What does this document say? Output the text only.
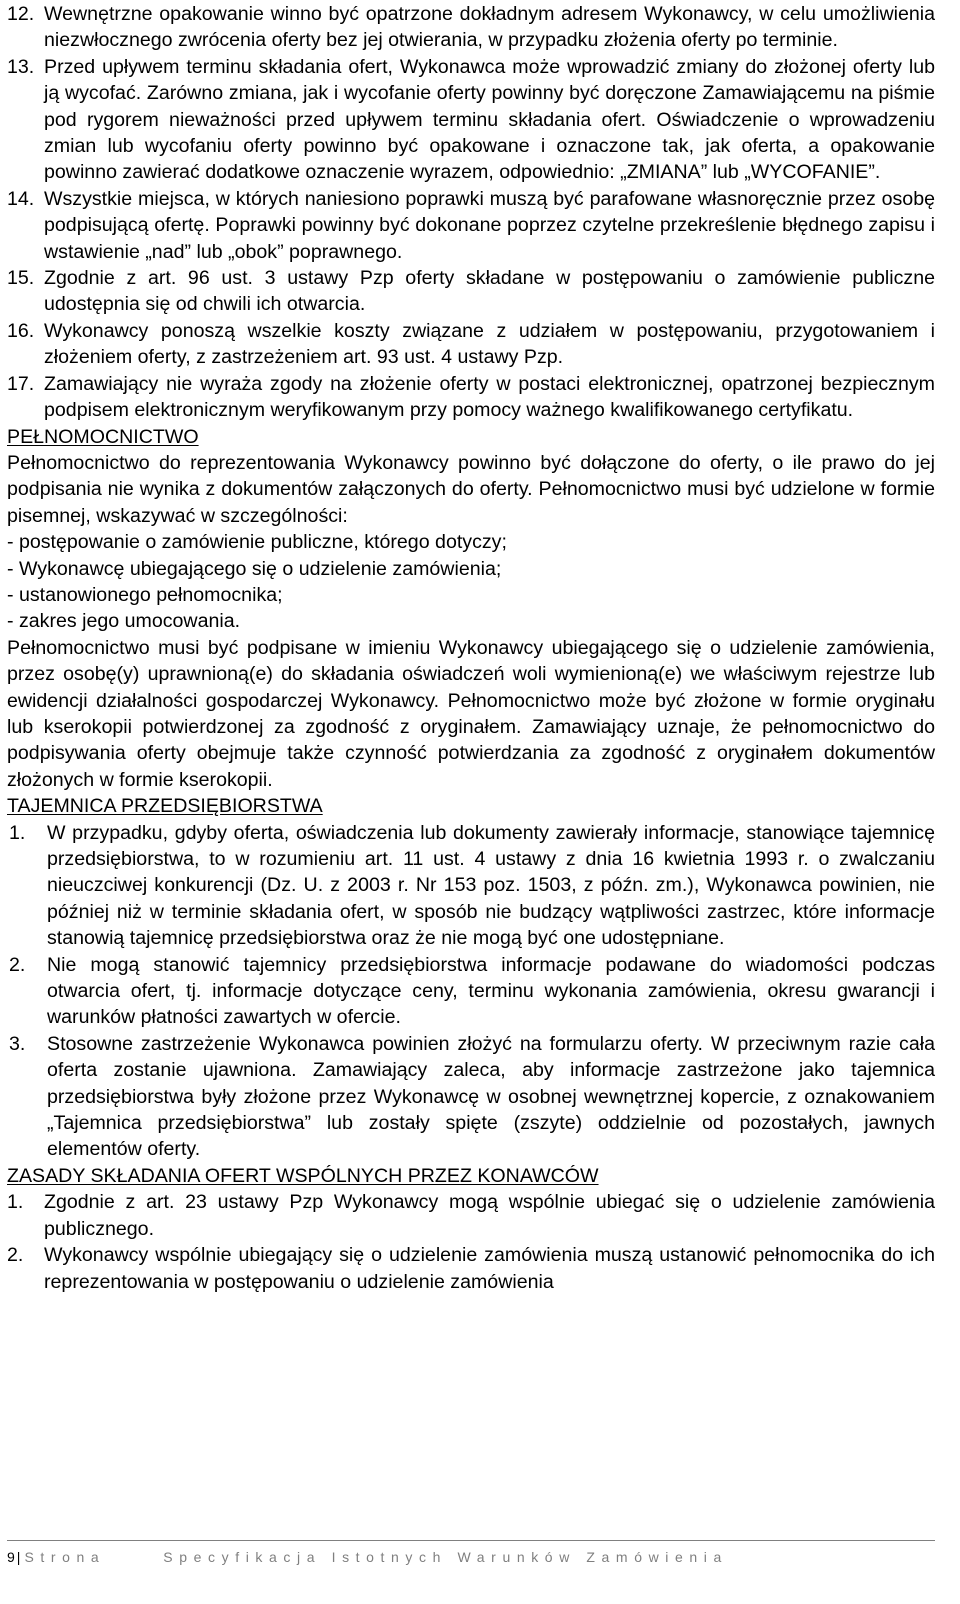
12. Wewnętrzne opakowanie winno być opatrzone dokładnym adresem Wykonawcy, w celu umożliwienia niezwłocznego zwrócenia oferty bez jej otwierania, w przypadku złożenia oferty po terminie.
13. Przed upływem terminu składania ofert, Wykonawca może wprowadzić zmiany do złożonej oferty lub ją wycofać. Zarówno zmiana, jak i wycofanie oferty powinny być doręczone Zamawiającemu na piśmie pod rygorem nieważności przed upływem terminu składania ofert. Oświadczenie o wprowadzeniu zmian lub wycofaniu oferty powinno być opakowane i oznaczone tak, jak oferta, a opakowanie powinno zawierać dodatkowe oznaczenie wyrazem, odpowiednio: „ZMIANA” lub „WYCOFANIE”.
14. Wszystkie miejsca, w których naniesiono poprawki muszą być parafowane własnoręcznie przez osobę podpisującą ofertę. Poprawki powinny być dokonane poprzez czytelne przekreślenie błędnego zapisu i wstawienie „nad” lub „obok” poprawnego.
15. Zgodnie z art. 96 ust. 3 ustawy Pzp oferty składane w postępowaniu o zamówienie publiczne udostępnia się od chwili ich otwarcia.
16. Wykonawcy ponoszą wszelkie koszty związane z udziałem w postępowaniu, przygotowaniem i złożeniem oferty, z zastrzeżeniem art. 93 ust. 4 ustawy Pzp.
17. Zamawiający nie wyraża zgody na złożenie oferty w postaci elektronicznej, opatrzonej bezpiecznym podpisem elektronicznym weryfikowanym przy pomocy ważnego kwalifikowanego certyfikatu.
PEŁNOMOCNICTWO
Pełnomocnictwo do reprezentowania Wykonawcy powinno być dołączone do oferty, o ile prawo do jej podpisania nie wynika z dokumentów załączonych do oferty. Pełnomocnictwo musi być udzielone w formie pisemnej, wskazywać w szczególności:
- postępowanie o zamówienie publiczne, którego dotyczy;
- Wykonawcę ubiegającego się o udzielenie zamówienia;
- ustanowionego pełnomocnika;
- zakres jego umocowania.
Pełnomocnictwo musi być podpisane w imieniu Wykonawcy ubiegającego się o udzielenie zamówienia, przez osobę(y) uprawnioną(e) do składania oświadczeń woli wymienioną(e) we właściwym rejestrze lub ewidencji działalności gospodarczej Wykonawcy. Pełnomocnictwo może być złożone w formie oryginału lub kserokopii potwierdzonej za zgodność z oryginałem. Zamawiający uznaje, że pełnomocnictwo do podpisywania oferty obejmuje także czynność potwierdzania za zgodność z oryginałem dokumentów złożonych w formie kserokopii.
TAJEMNICA PRZEDSIĘBIORSTWA
1.	W przypadku, gdyby oferta, oświadczenia lub dokumenty zawierały informacje, stanowiące tajemnicę przedsiębiorstwa, to w rozumieniu art. 11 ust. 4 ustawy z dnia 16 kwietnia 1993 r. o zwalczaniu nieuczciwej konkurencji (Dz. U. z 2003 r. Nr 153 poz. 1503, z późn. zm.), Wykonawca powinien, nie później niż w terminie składania ofert, w sposób nie budzący wątpliwości zastrzec, które informacje stanowią tajemnicę przedsiębiorstwa oraz że nie mogą być one udostępniane.
2.	Nie mogą stanowić tajemnicy przedsiębiorstwa informacje podawane do wiadomości podczas otwarcia ofert, tj. informacje dotyczące ceny, terminu wykonania zamówienia, okresu gwarancji i warunków płatności zawartych w ofercie.
3.	Stosowne zastrzeżenie Wykonawca powinien złożyć na formularzu oferty. W przeciwnym razie cała oferta zostanie ujawniona. Zamawiający zaleca, aby informacje zastrzeżone jako tajemnica przedsiębiorstwa były złożone przez Wykonawcę w osobnej wewnętrznej kopercie, z oznakowaniem „Tajemnica przedsiębiorstwa” lub zostały spięte (zszyte) oddzielnie od pozostałych, jawnych elementów oferty.
ZASADY SKŁADANIA OFERT WSPÓLNYCH PRZEZ KONAWCÓW
1.	Zgodnie z art. 23 ustawy Pzp Wykonawcy mogą wspólnie ubiegać się o udzielenie zamówienia publicznego.
2.	Wykonawcy wspólnie ubiegający się o udzielenie zamówienia muszą ustanowić pełnomocnika do ich reprezentowania w postępowaniu o udzielenie zamówienia
9 | Strona	Specyfikacja Istotnych Warunków Zamówienia
